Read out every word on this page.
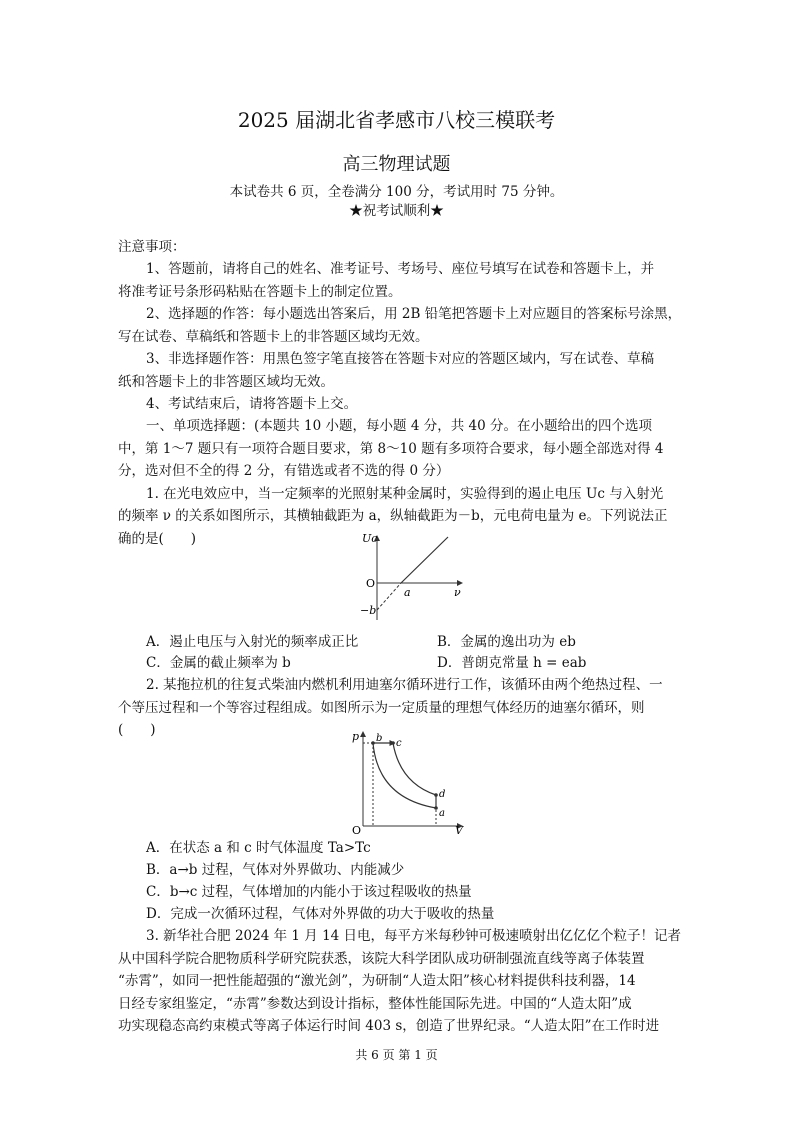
2025 届湖北省孝感市八校三模联考
高三物理试题
本试卷共 6 页，全卷满分 100 分，考试用时 75 分钟。
★祝考试顺利★
注意事项：
1、答题前，请将自己的姓名、准考证号、考场号、座位号填写在试卷和答题卡上，并
将准考证号条形码粘贴在答题卡上的制定位置。
2、选择题的作答：每小题选出答案后，用 2B 铅笔把答题卡上对应题目的答案标号涂黑，
写在试卷、草稿纸和答题卡上的非答题区域均无效。
3、非选择题作答：用黑色签字笔直接答在答题卡对应的答题区域内，写在试卷、草稿
纸和答题卡上的非答题区域均无效。
4、考试结束后，请将答题卡上交。
一、单项选择题：(本题共 10 小题，每小题 4 分，共 40 分。在小题给出的四个选项
中，第 1～7 题只有一项符合题目要求，第 8～10 题有多项符合要求，每小题全部选对得 4
分，选对但不全的得 2 分，有错选或者不选的得 0 分）
1. 在光电效应中，当一定频率的光照射某种金属时，实验得到的遏止电压 Uc 与入射光
的频率 ν 的关系如图所示，其横轴截距为 a，纵轴截距为－b，元电荷电量为 e。下列说法正
确的是(　　)	Uc
O
a	ν
−b
A．遏止电压与入射光的频率成正比	B．金属的逸出功为 eb
C．金属的截止频率为 b	D．普朗克常量 h = eab
2. 某拖拉机的往复式柴油内燃机利用迪塞尔循环进行工作，该循环由两个绝热过程、一
个等压过程和一个等容过程组成。如图所示为一定质量的理想气体经历的迪塞尔循环，则
(　　)	p
O	V
b c
d
a
A．在状态 a 和 c 时气体温度 Ta>Tc
B．a→b 过程，气体对外界做功、内能减少
C．b→c 过程，气体增加的内能小于该过程吸收的热量
D．完成一次循环过程，气体对外界做的功大于吸收的热量
3. 新华社合肥 2024 年 1 月 14 日电，每平方米每秒钟可极速喷射出亿亿亿个粒子！记者
从中国科学院合肥物质科学研究院获悉，该院大科学团队成功研制强流直线等离子体装置
“赤霄”，如同一把性能超强的“激光剑”，为研制“人造太阳”核心材料提供科技利器，14
日经专家组鉴定，“赤霄”参数达到设计指标，整体性能国际先进。中国的“人造太阳”成
功实现稳态高约束模式等离子体运行时间 403 s，创造了世界纪录。“人造太阳”在工作时进
共 6 页 第 1 页
